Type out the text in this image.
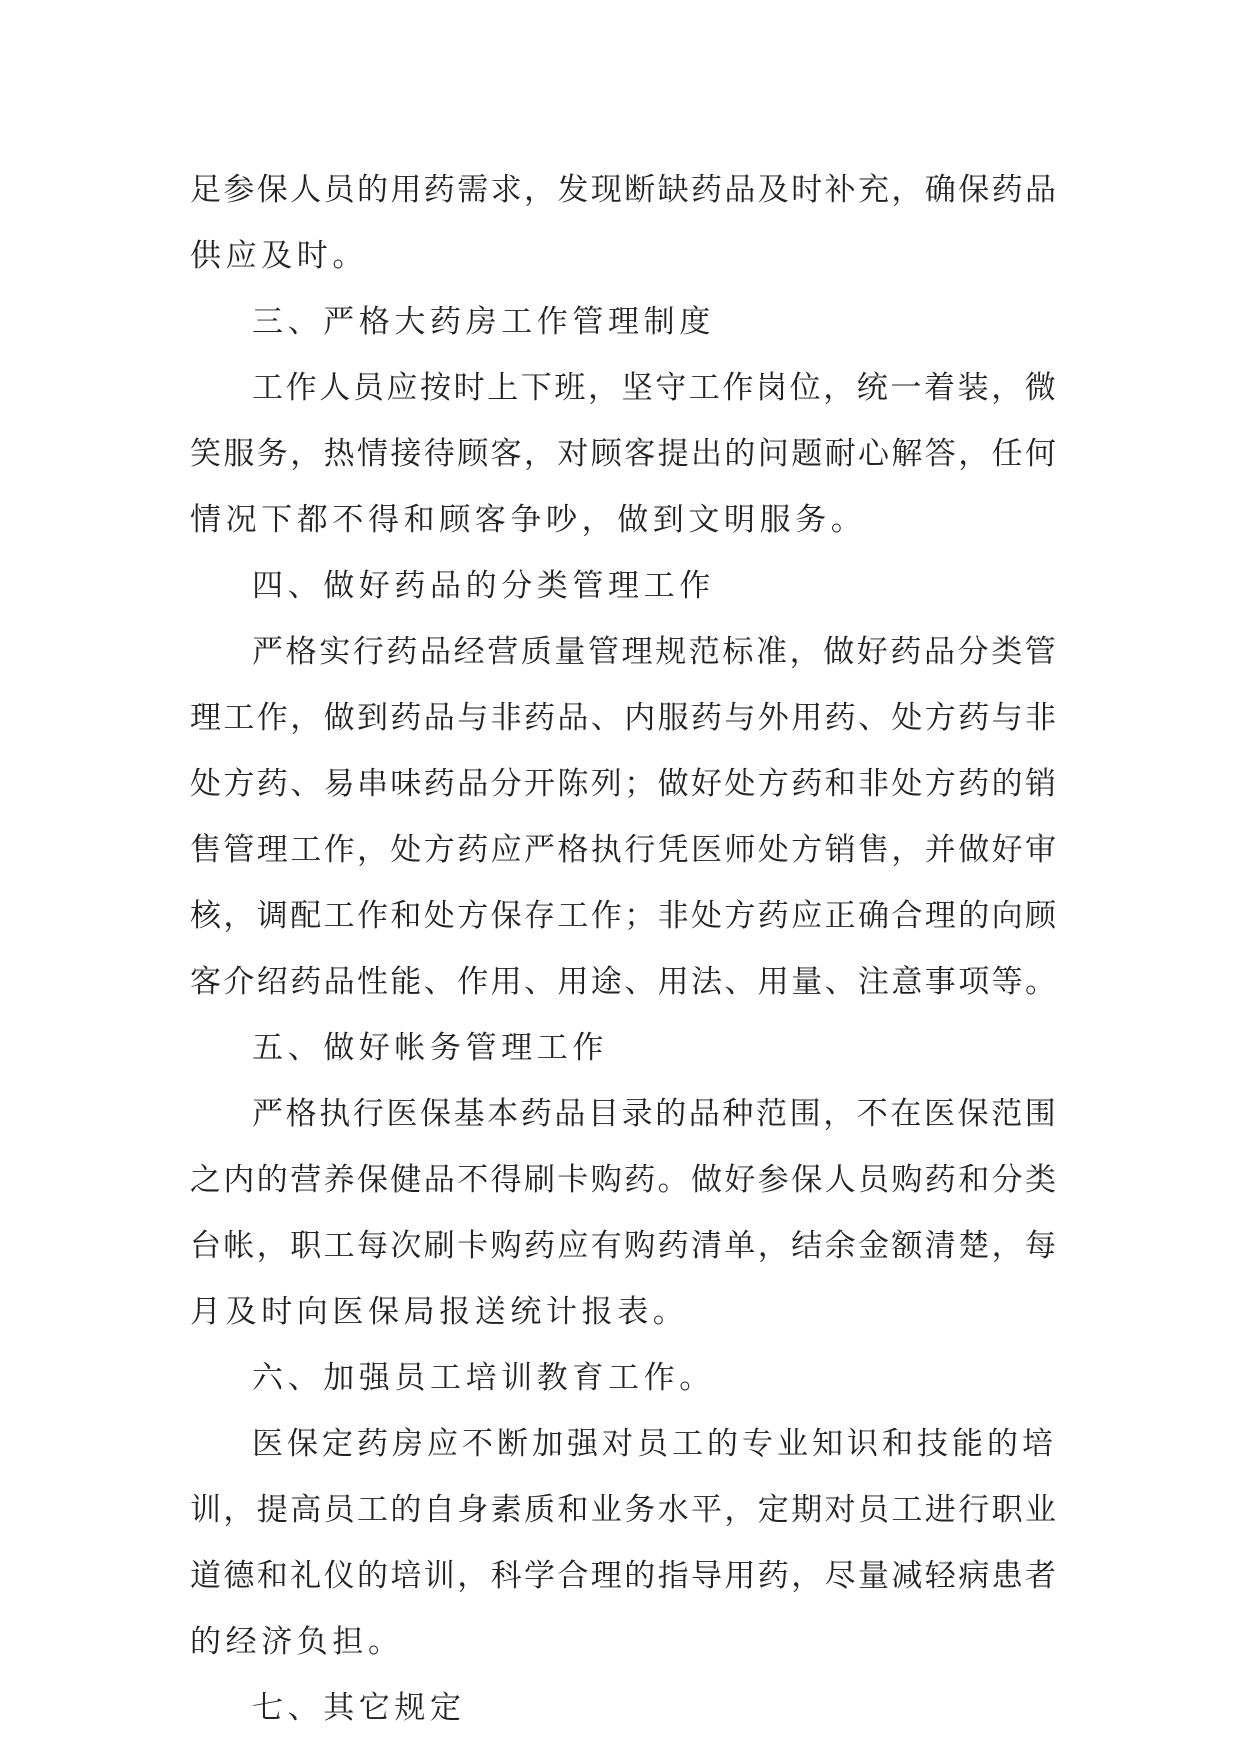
足参保人员的用药需求，发现断缺药品及时补充，确保药品
供应及时。
三、严格大药房工作管理制度
工作人员应按时上下班，坚守工作岗位，统一着装，微
笑服务，热情接待顾客，对顾客提出的问题耐心解答，任何
情况下都不得和顾客争吵，做到文明服务。
四、做好药品的分类管理工作
严格实行药品经营质量管理规范标准，做好药品分类管
理工作，做到药品与非药品、内服药与外用药、处方药与非
处方药、易串味药品分开陈列；做好处方药和非处方药的销
售管理工作，处方药应严格执行凭医师处方销售，并做好审
核，调配工作和处方保存工作；非处方药应正确合理的向顾
客介绍药品性能、作用、用途、用法、用量、注意事项等。
五、做好帐务管理工作
严格执行医保基本药品目录的品种范围，不在医保范围
之内的营养保健品不得刷卡购药。做好参保人员购药和分类
台帐，职工每次刷卡购药应有购药清单，结余金额清楚，每
月及时向医保局报送统计报表。
六、加强员工培训教育工作。
医保定药房应不断加强对员工的专业知识和技能的培
训，提高员工的自身素质和业务水平，定期对员工进行职业
道德和礼仪的培训，科学合理的指导用药，尽量减轻病患者
的经济负担。
七、其它规定
